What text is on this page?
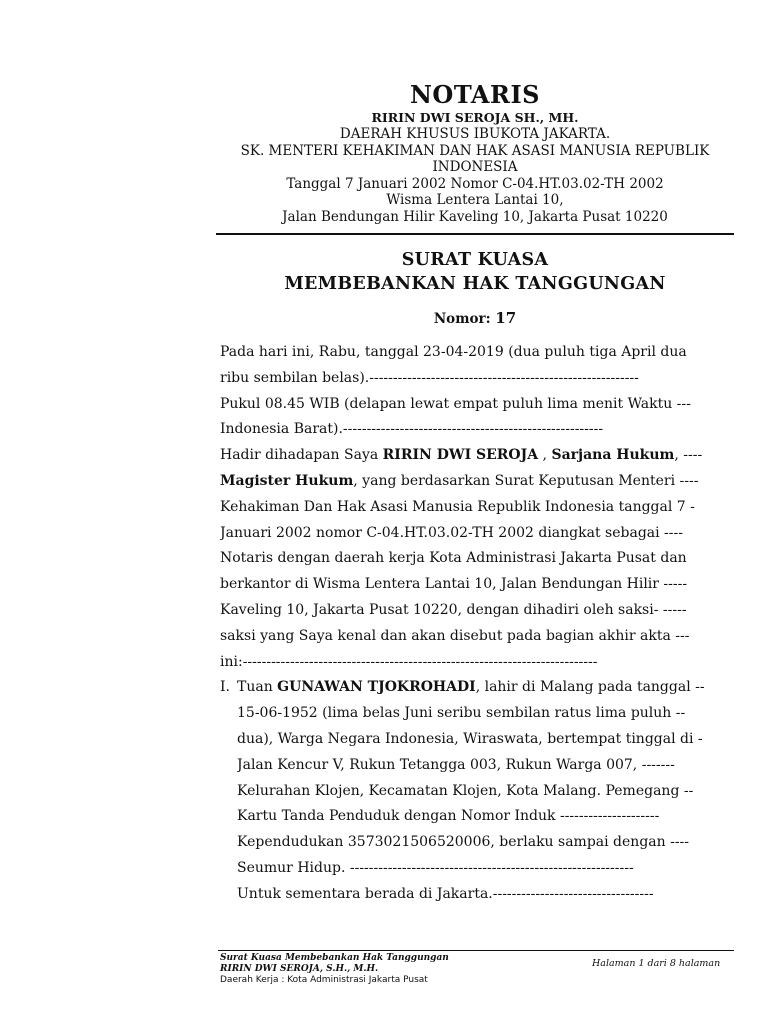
NOTARIS
RIRIN DWI SEROJA SH., MH.
DAERAH KHUSUS IBUKOTA JAKARTA.
SK. MENTERI KEHAKIMAN DAN HAK ASASI MANUSIA REPUBLIK
INDONESIA
Tanggal 7 Januari 2002 Nomor C-04.HT.03.02-TH 2002
Wisma Lentera Lantai 10,
Jalan Bendungan Hilir Kaveling 10, Jakarta Pusat 10220
SURAT KUASA
MEMBEBANKAN HAK TANGGUNGAN
Nomor: 17
Pada hari ini, Rabu, tanggal 23-04-2019 (dua puluh tiga April dua
ribu sembilan belas).---------------------------------------------------------
Pukul 08.45 WIB (delapan lewat empat puluh lima menit Waktu ---
Indonesia Barat).-------------------------------------------------------
Hadir dihadapan Saya RIRIN DWI SEROJA , Sarjana Hukum, ----
Magister Hukum, yang berdasarkan Surat Keputusan Menteri ----
Kehakiman Dan Hak Asasi Manusia Republik Indonesia tanggal 7 -
Januari 2002 nomor C-04.HT.03.02-TH 2002 diangkat sebagai ----
Notaris dengan daerah kerja Kota Administrasi Jakarta Pusat dan
berkantor di Wisma Lentera Lantai 10, Jalan Bendungan Hilir -----
Kaveling 10, Jakarta Pusat 10220, dengan dihadiri oleh saksi- -----
saksi yang Saya kenal dan akan disebut pada bagian akhir akta ---
ini:---------------------------------------------------------------------------
I. Tuan GUNAWAN TJOKROHADI, lahir di Malang pada tanggal --
15-06-1952 (lima belas Juni seribu sembilan ratus lima puluh --
dua), Warga Negara Indonesia, Wiraswata, bertempat tinggal di -
Jalan Kencur V, Rukun Tetangga 003, Rukun Warga 007, -------
Kelurahan Klojen, Kecamatan Klojen, Kota Malang. Pemegang --
Kartu Tanda Penduduk dengan Nomor Induk ---------------------
Kependudukan 3573021506520006, berlaku sampai dengan ----
Seumur Hidup. ------------------------------------------------------------
Untuk sementara berada di Jakarta.----------------------------------
Surat Kuasa Membebankan Hak Tanggungan
RIRIN DWI SEROJA, S.H., M.H.
Daerah Kerja : Kota Administrasi Jakarta Pusat
Halaman 1 dari 8 halaman
